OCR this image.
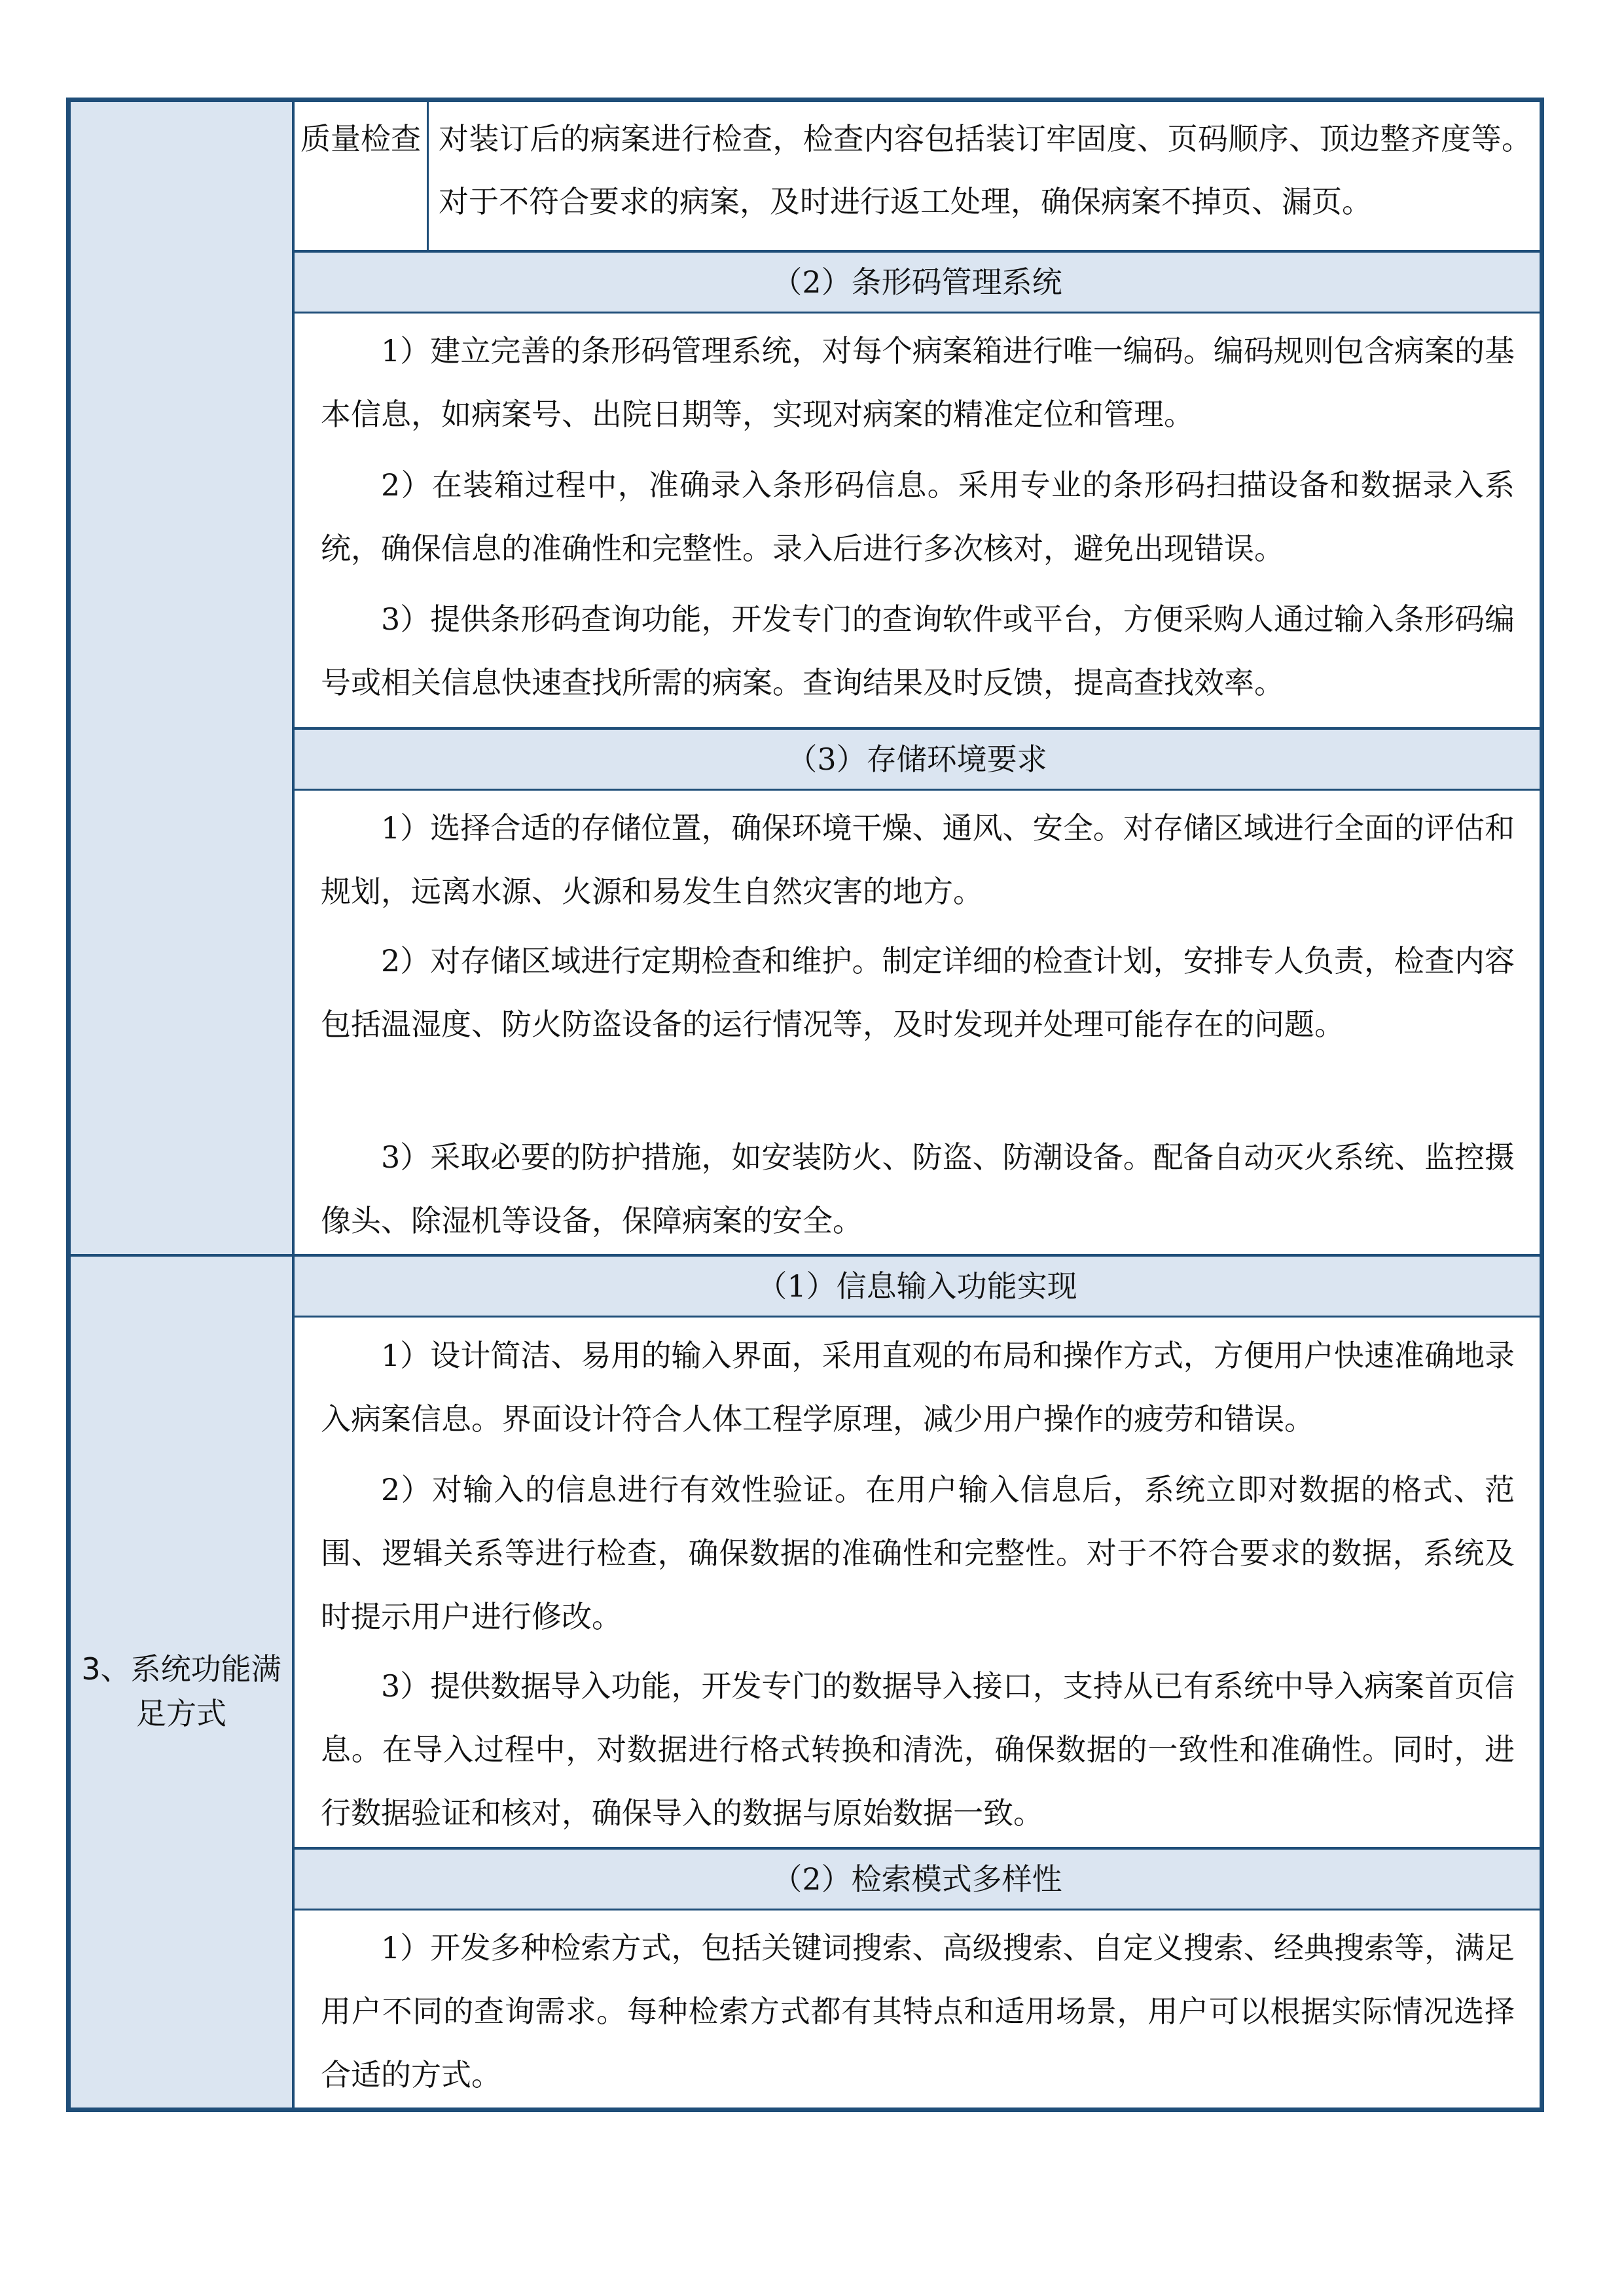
3、系统功能满足方式
质量检查 对装订后的病案进行检查，检查内容包括装订牢固度、页码顺序、顶边整齐度等。对于不符合要求的病案，及时进行返工处理，确保病案不掉页、漏页。
（2）条形码管理系统

1）建立完善的条形码管理系统，对每个病案箱进行唯一编码。编码规则包含病案的基本信息，如病案号、出院日期等，实现对病案的精准定位和管理。

2）在装箱过程中，准确录入条形码信息。采用专业的条形码扫描设备和数据录入系统，确保信息的准确性和完整性。录入后进行多次核对，避免出现错误。

3）提供条形码查询功能，开发专门的查询软件或平台，方便采购人通过输入条形码编号或相关信息快速查找所需的病案。查询结果及时反馈，提高查找效率。

（3）存储环境要求

1）选择合适的存储位置，确保环境干燥、通风、安全。对存储区域进行全面的评估和规划，远离水源、火源和易发生自然灾害的地方。

2）对存储区域进行定期检查和维护。制定详细的检查计划，安排专人负责，检查内容包括温湿度、防火防盗设备的运行情况等，及时发现并处理可能存在的问题。

3）采取必要的防护措施，如安装防火、防盗、防潮设备。配备自动灭火系统、监控摄像头、除湿机等设备，保障病案的安全。

（1）信息输入功能实现

1）设计简洁、易用的输入界面，采用直观的布局和操作方式，方便用户快速准确地录入病案信息。界面设计符合人体工程学原理，减少用户操作的疲劳和错误。

2）对输入的信息进行有效性验证。在用户输入信息后，系统立即对数据的格式、范围、逻辑关系等进行检查，确保数据的准确性和完整性。对于不符合要求的数据，系统及时提示用户进行修改。

3）提供数据导入功能，开发专门的数据导入接口，支持从已有系统中导入病案首页信息。在导入过程中，对数据进行格式转换和清洗，确保数据的一致性和准确性。同时，进行数据验证和核对，确保导入的数据与原始数据一致。

（2）检索模式多样性

1）开发多种检索方式，包括关键词搜索、高级搜索、自定义搜索、经典搜索等，满足用户不同的查询需求。每种检索方式都有其特点和适用场景，用户可以根据实际情况选择合适的方式。
